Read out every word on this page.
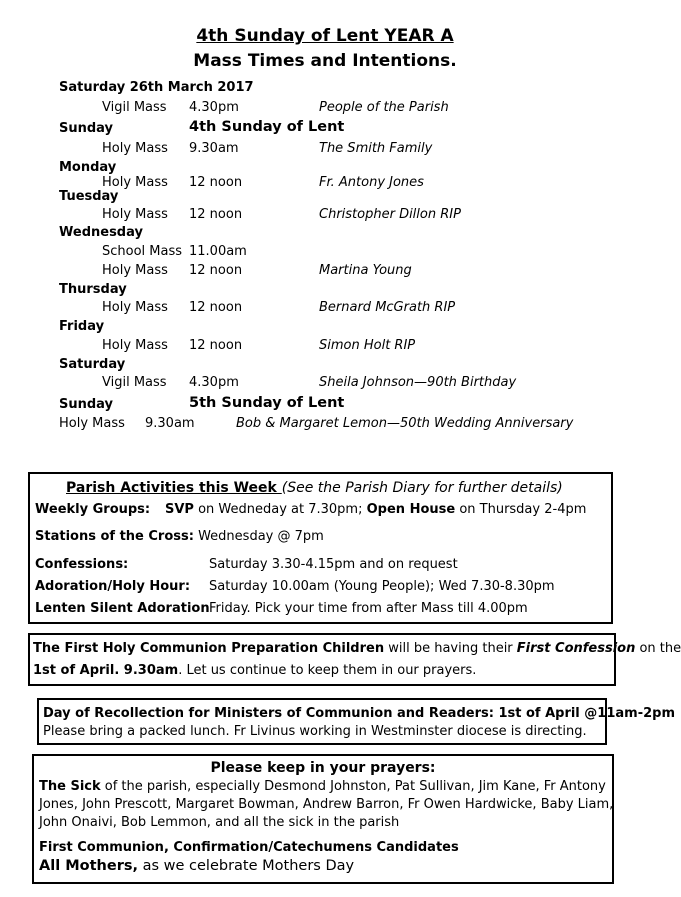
4th Sunday of Lent YEAR A
Mass Times and Intentions.
Saturday 26th March 2017
Vigil Mass 4.30pm	People of the Parish
Sunday	4th Sunday of Lent
Holy Mass 9.30am	The Smith Family
Monday
Holy Mass 12 noon	Fr. Antony Jones
Tuesday
Holy Mass 12 noon	Christopher Dillon RIP
Wednesday
School Mass 11.00am
Holy Mass 12 noon	Martina Young
Thursday
Holy Mass 12 noon	Bernard McGrath RIP
Friday
Holy Mass 12 noon	Simon Holt RIP
Saturday
Vigil Mass 4.30pm	Sheila Johnson—90th Birthday
Sunday	5th Sunday of Lent
Holy Mass 9.30am	Bob & Margaret Lemon—50th Wedding Anniversary
Parish Activities this Week (See the Parish Diary for further details)
Weekly Groups: SVP on Wedneday at 7.30pm; Open House on Thursday 2-4pm
Stations of the Cross: Wednesday @ 7pm
Confessions:	Saturday 3.30-4.15pm and on request
Adoration/Holy Hour: Saturday 10.00am (Young People); Wed 7.30-8.30pm
Lenten Silent Adoration Friday. Pick your time from after Mass till 4.00pm
The First Holy Communion Preparation Children will be having their First Confession on the
1st of April. 9.30am. Let us continue to keep them in our prayers.
Day of Recollection for Ministers of Communion and Readers: 1st of April @11am-2pm
Please bring a packed lunch. Fr Livinus working in Westminster diocese is directing.
Please keep in your prayers:
The Sick of the parish, especially Desmond Johnston, Pat Sullivan, Jim Kane, Fr Antony
Jones, John Prescott, Margaret Bowman, Andrew Barron, Fr Owen Hardwicke, Baby Liam,
John Onaivi, Bob Lemmon, and all the sick in the parish
First Communion, Confirmation/Catechumens Candidates
All Mothers, as we celebrate Mothers Day
